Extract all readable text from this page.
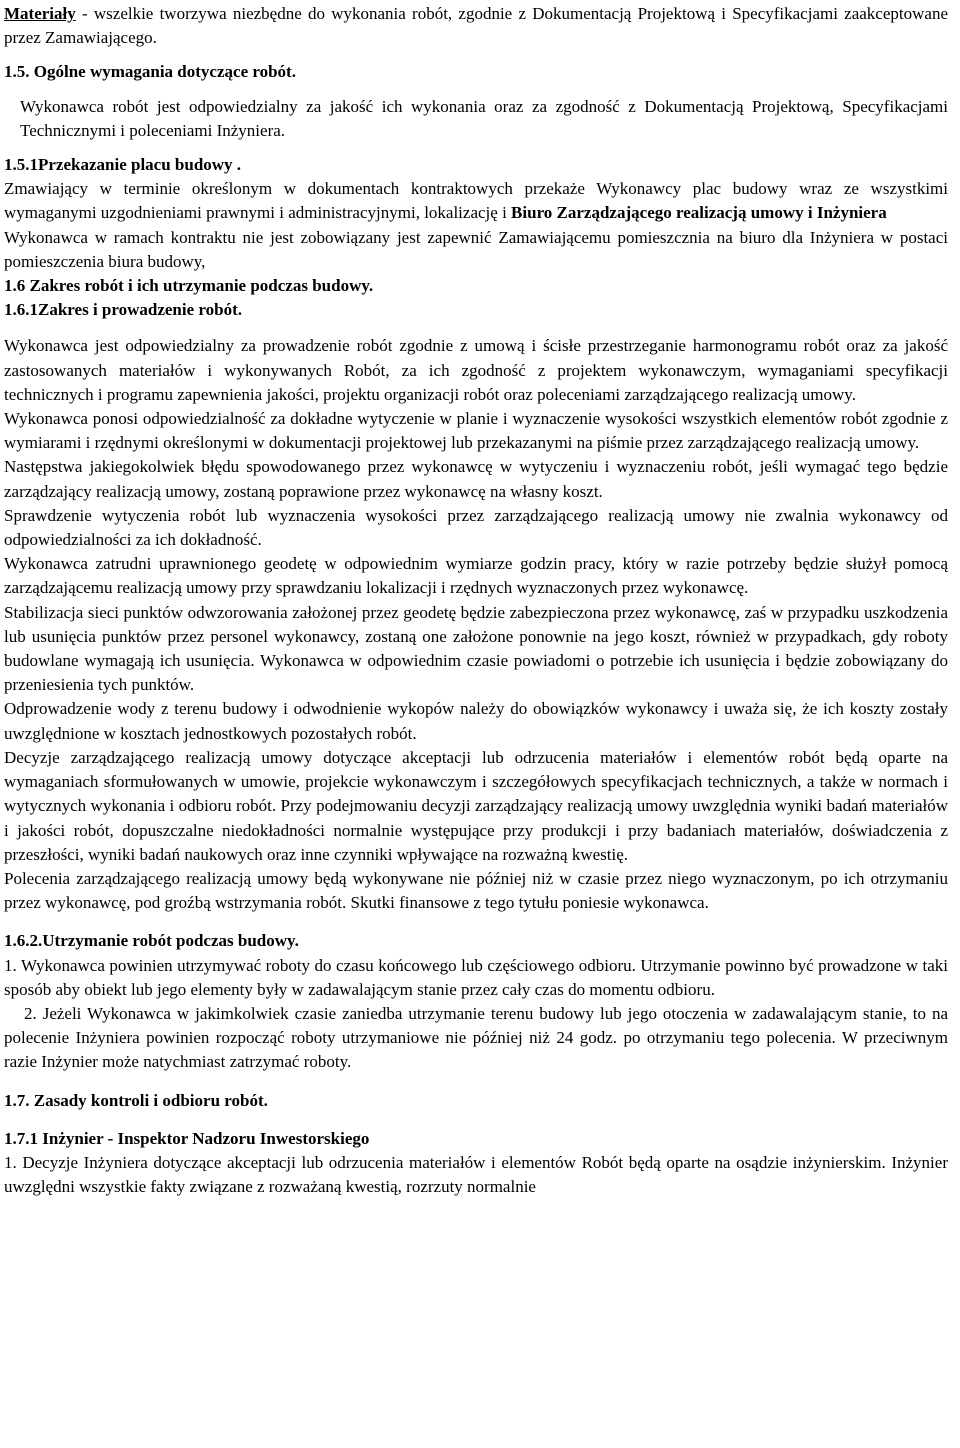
Materiały - wszelkie tworzywa niezbędne do wykonania robót, zgodnie z Dokumentacją Projektową i Specyfikacjami zaakceptowane przez Zamawiającego.

1.5. Ogólne wymagania dotyczące robót.

Wykonawca robót jest odpowiedzialny za jakość ich wykonania oraz za zgodność z Dokumentacją Projektową, Specyfikacjami Technicznymi i poleceniami Inżyniera.

1.5.1Przekazanie placu budowy .

Zmawiający w terminie określonym w dokumentach kontraktowych przekaże Wykonawcy plac budowy wraz ze wszystkimi wymaganymi uzgodnieniami prawnymi i administracyjnymi, lokalizację i Biuro Zarządzającego realizacją umowy i Inżyniera

Wykonawca w ramach kontraktu nie jest zobowiązany jest zapewnić Zamawiającemu pomieszcznia na biuro dla Inżyniera w postaci pomieszczenia biura budowy,

1.6 Zakres robót i ich utrzymanie podczas budowy.

1.6.1Zakres i prowadzenie robót.

Wykonawca jest odpowiedzialny za prowadzenie robót zgodnie z umową i ścisłe przestrzeganie harmonogramu robót oraz za jakość zastosowanych materiałów i wykonywanych Robót, za ich zgodność z projektem wykonawczym, wymaganiami specyfikacji technicznych i programu zapewnienia jakości, projektu organizacji robót oraz poleceniami zarządzającego realizacją umowy.

Wykonawca ponosi odpowiedzialność za dokładne wytyczenie w planie i wyznaczenie wysokości wszystkich elementów robót zgodnie z wymiarami i rzędnymi określonymi w dokumentacji projektowej lub przekazanymi na piśmie przez zarządzającego realizacją umowy.

Następstwa jakiegokolwiek błędu spowodowanego przez wykonawcę w wytyczeniu i wyznaczeniu robót, jeśli wymagać tego będzie zarządzający realizacją umowy, zostaną poprawione przez wykonawcę na własny koszt.

Sprawdzenie wytyczenia robót lub wyznaczenia wysokości przez zarządzającego realizacją umowy nie zwalnia wykonawcy od odpowiedzialności za ich dokładność.

Wykonawca zatrudni uprawnionego geodetę w odpowiednim wymiarze godzin pracy, który w razie potrzeby będzie służył pomocą zarządzającemu realizacją umowy przy sprawdzaniu lokalizacji i rzędnych wyznaczonych przez wykonawcę.

Stabilizacja sieci punktów odwzorowania założonej przez geodetę będzie zabezpieczona przez wykonawcę, zaś w przypadku uszkodzenia lub usunięcia punktów przez personel wykonawcy, zostaną one założone ponownie na jego koszt, również w przypadkach, gdy roboty budowlane wymagają ich usunięcia. Wykonawca w odpowiednim czasie powiadomi o potrzebie ich usunięcia i będzie zobowiązany do przeniesienia tych punktów.

Odprowadzenie wody z terenu budowy i odwodnienie wykopów należy do obowiązków wykonawcy i uważa się, że ich koszty zostały uwzględnione w kosztach jednostkowych pozostałych robót.

Decyzje zarządzającego realizacją umowy dotyczące akceptacji lub odrzucenia materiałów i elementów robót będą oparte na wymaganiach sformułowanych w umowie, projekcie wykonawczym i szczegółowych specyfikacjach technicznych, a także w normach i wytycznych wykonania i odbioru robót. Przy podejmowaniu decyzji zarządzający realizacją umowy uwzględnia wyniki badań materiałów i jakości robót, dopuszczalne niedokładności normalnie występujące przy produkcji i przy badaniach materiałów, doświadczenia z przeszłości, wyniki badań naukowych oraz inne czynniki wpływające na rozważną kwestię.

Polecenia zarządzającego realizacją umowy będą wykonywane nie później niż w czasie przez niego wyznaczonym, po ich otrzymaniu przez wykonawcę, pod groźbą wstrzymania robót. Skutki finansowe z tego tytułu poniesie wykonawca.

1.6.2.Utrzymanie robót podczas budowy.

1. Wykonawca powinien utrzymywać roboty do czasu końcowego lub częściowego odbioru. Utrzymanie powinno być prowadzone w taki sposób aby obiekt lub jego elementy były w zadawalającym stanie przez cały czas do momentu odbioru.

2. Jeżeli Wykonawca w jakimkolwiek czasie zaniedba utrzymanie terenu budowy lub jego otoczenia w zadawalającym stanie, to na polecenie Inżyniera powinien rozpocząć roboty utrzymaniowe nie później niż 24 godz. po otrzymaniu tego polecenia. W przeciwnym razie Inżynier może natychmiast zatrzymać roboty.

1.7. Zasady kontroli i odbioru robót.

1.7.1 Inżynier - Inspektor Nadzoru Inwestorskiego

1. Decyzje Inżyniera dotyczące akceptacji lub odrzucenia materiałów i elementów Robót będą oparte na osądzie inżynierskim. Inżynier uwzględni wszystkie fakty związane z rozważaną kwestią, rozrzuty normalnie
